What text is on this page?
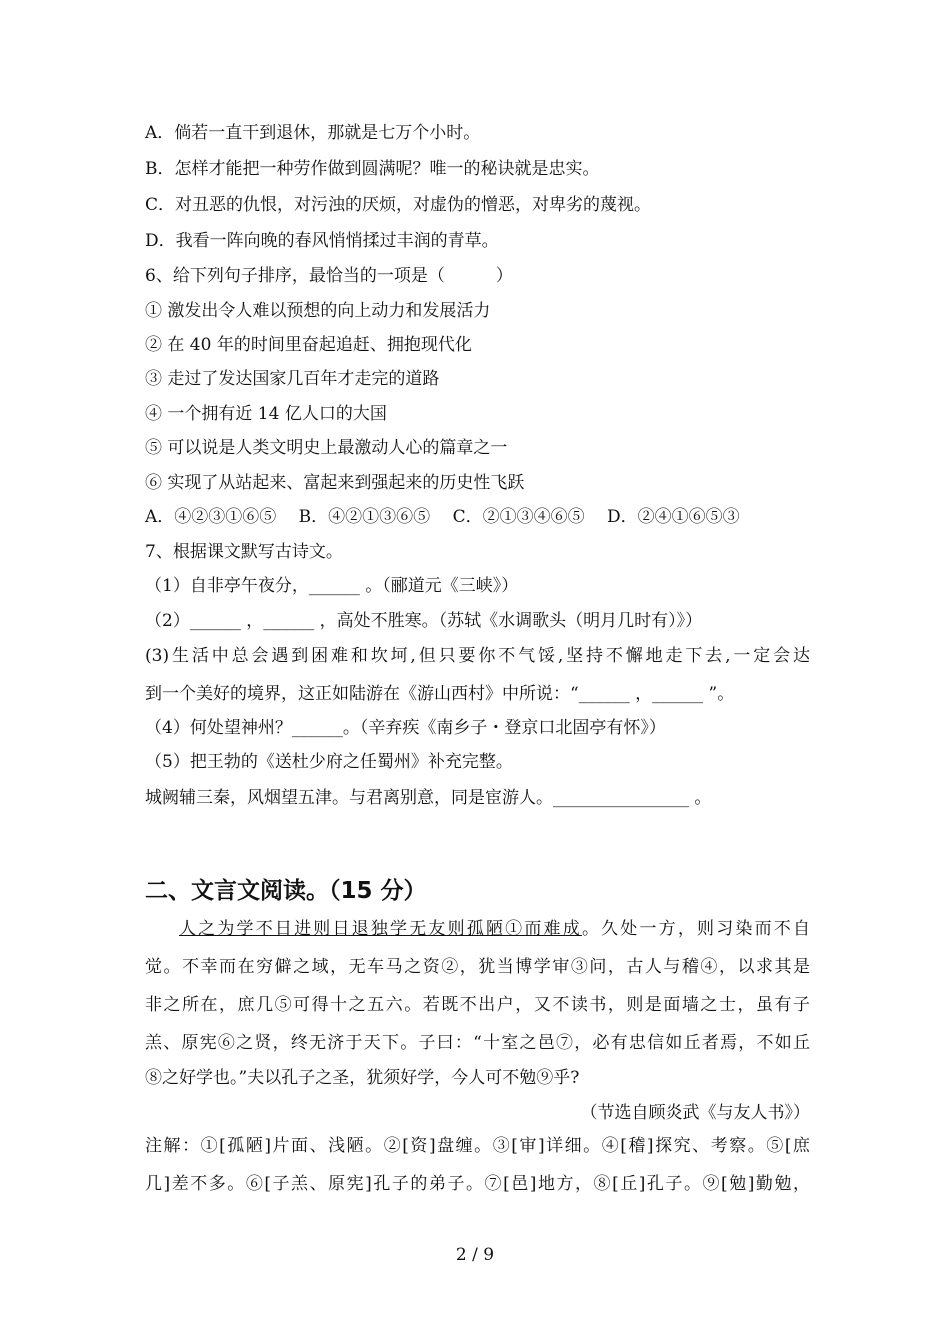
A．倘若一直干到退休，那就是七万个小时。
B．怎样才能把一种劳作做到圆满呢？唯一的秘诀就是忠实。
C．对丑恶的仇恨，对污浊的厌烦，对虚伪的憎恶，对卑劣的蔑视。
D．我看一阵向晚的春风悄悄揉过丰润的青草。
6、给下列句子排序，最恰当的一项是（　　　）
① 激发出令人难以预想的向上动力和发展活力
② 在 40 年的时间里奋起追赶、拥抱现代化
③ 走过了发达国家几百年才走完的道路
④ 一个拥有近 14 亿人口的大国
⑤ 可以说是人类文明史上最激动人心的篇章之一
⑥ 实现了从站起来、富起来到强起来的历史性飞跃
A．④②③①⑥⑤　 B．④②①③⑥⑤　 C．②①③④⑥⑤　 D．②④①⑥⑤③
7、根据课文默写古诗文。
（1）自非亭午夜分，______ 。（郦道元《三峡》）
（2）______ ，______ ，高处不胜寒。（苏轼《水调歌头（明月几时有）》）
(3)生活中总会遇到困难和坎坷,但只要你不气馁,坚持不懈地走下去,一定会达
到一个美好的境界，这正如陆游在《游山西村》中所说：“______ ，______ ”。
（4）何处望神州？______。（辛弃疾《南乡子・登京口北固亭有怀》）
（5）把王勃的《送杜少府之任蜀州》补充完整。
城阙辅三秦，风烟望五津。与君离别意，同是宦游人。________________ 。
二、文言文阅读。（15 分）
人之为学不日进则日退独学无友则孤陋①而难成。久处一方，则习染而不自
觉。不幸而在穷僻之域，无车马之资②，犹当博学审③问，古人与稽④，以求其是
非之所在，庶几⑤可得十之五六。若既不出户，又不读书，则是面墙之士，虽有子
羔、原宪⑥之贤，终无济于天下。子曰：“十室之邑⑦，必有忠信如丘者焉，不如丘
⑧之好学也。”夫以孔子之圣，犹须好学，今人可不勉⑨乎?
（节选自顾炎武《与友人书》）
注解：①[孤陋]片面、浅陋。②[资]盘缠。③[审]详细。④[稽]探究、考察。⑤[庶
几]差不多。⑥[子羔、原宪]孔子的弟子。⑦[邑]地方，⑧[丘]孔子。⑨[勉]勤勉，
2 / 9
